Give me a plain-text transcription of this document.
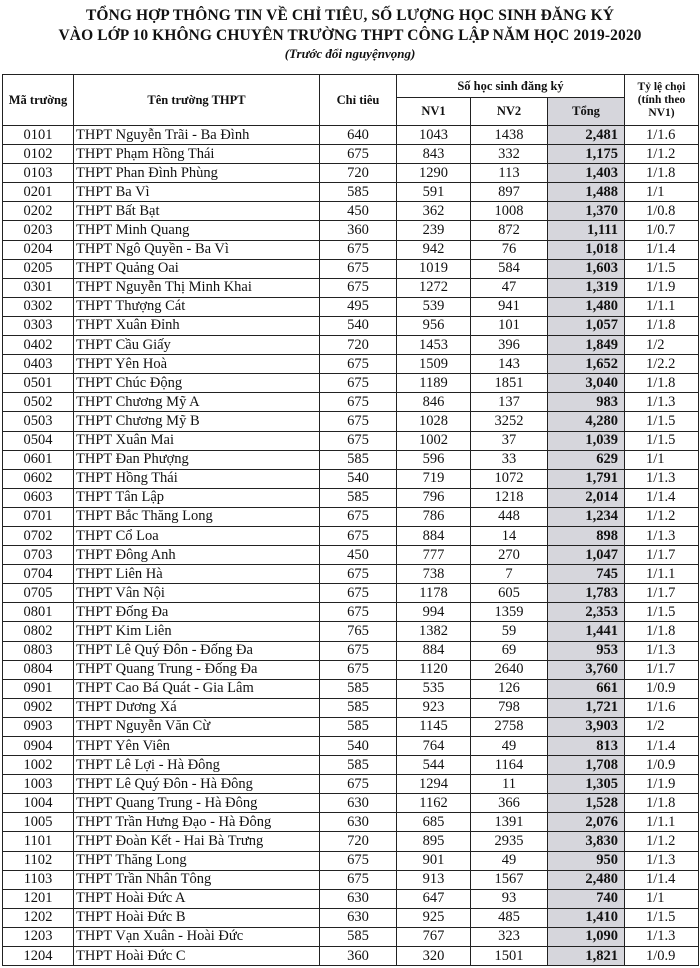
TỔNG HỢP THÔNG TIN VỀ CHỈ TIÊU, SỐ LƯỢNG HỌC SINH ĐĂNG KÝ
VÀO LỚP 10 KHÔNG CHUYÊN TRƯỜNG THPT CÔNG LẬP NĂM HỌC 2019-2020
(Trước đổi nguyệnvọng)
Mã trường	Tên trường THPT	Chỉ tiêu	Số học sinh đăng ký			Tỷ lệ chọi (tính theo NV1)
			NV1	NV2	Tổng	
0101	THPT Nguyễn Trãi - Ba Đình	640	1043	1438	2,481	1/1.6
0102	THPT Phạm Hồng Thái	675	843	332	1,175	1/1.2
0103	THPT Phan Đình Phùng	720	1290	113	1,403	1/1.8
0201	THPT Ba Vì	585	591	897	1,488	1/1
0202	THPT Bất Bạt	450	362	1008	1,370	1/0.8
0203	THPT Minh Quang	360	239	872	1,111	1/0.7
0204	THPT Ngô Quyền - Ba Vì	675	942	76	1,018	1/1.4
0205	THPT Quảng Oai	675	1019	584	1,603	1/1.5
0301	THPT Nguyễn Thị Minh Khai	675	1272	47	1,319	1/1.9
0302	THPT Thượng Cát	495	539	941	1,480	1/1.1
0303	THPT Xuân Đỉnh	540	956	101	1,057	1/1.8
0402	THPT Cầu Giấy	720	1453	396	1,849	1/2
0403	THPT Yên Hoà	675	1509	143	1,652	1/2.2
0501	THPT Chúc Động	675	1189	1851	3,040	1/1.8
0502	THPT Chương Mỹ A	675	846	137	983	1/1.3
0503	THPT Chương Mỹ B	675	1028	3252	4,280	1/1.5
0504	THPT Xuân Mai	675	1002	37	1,039	1/1.5
0601	THPT Đan Phượng	585	596	33	629	1/1
0602	THPT Hồng Thái	540	719	1072	1,791	1/1.3
0603	THPT Tân Lập	585	796	1218	2,014	1/1.4
0701	THPT Bắc Thăng Long	675	786	448	1,234	1/1.2
0702	THPT Cổ Loa	675	884	14	898	1/1.3
0703	THPT Đông Anh	450	777	270	1,047	1/1.7
0704	THPT Liên Hà	675	738	7	745	1/1.1
0705	THPT Vân Nội	675	1178	605	1,783	1/1.7
0801	THPT Đống Đa	675	994	1359	2,353	1/1.5
0802	THPT Kim Liên	765	1382	59	1,441	1/1.8
0803	THPT Lê Quý Đôn - Đống Đa	675	884	69	953	1/1.3
0804	THPT Quang Trung - Đống Đa	675	1120	2640	3,760	1/1.7
0901	THPT Cao Bá Quát - Gia Lâm	585	535	126	661	1/0.9
0902	THPT Dương Xá	585	923	798	1,721	1/1.6
0903	THPT Nguyễn Văn Cừ	585	1145	2758	3,903	1/2
0904	THPT Yên Viên	540	764	49	813	1/1.4
1002	THPT Lê Lợi - Hà Đông	585	544	1164	1,708	1/0.9
1003	THPT Lê Quý Đôn - Hà Đông	675	1294	11	1,305	1/1.9
1004	THPT Quang Trung - Hà Đông	630	1162	366	1,528	1/1.8
1005	THPT Trần Hưng Đạo - Hà Đông	630	685	1391	2,076	1/1.1
1101	THPT Đoàn Kết - Hai Bà Trưng	720	895	2935	3,830	1/1.2
1102	THPT Thăng Long	675	901	49	950	1/1.3
1103	THPT Trần Nhân Tông	675	913	1567	2,480	1/1.4
1201	THPT Hoài Đức A	630	647	93	740	1/1
1202	THPT Hoài Đức B	630	925	485	1,410	1/1.5
1203	THPT Vạn Xuân - Hoài Đức	585	767	323	1,090	1/1.3
1204	THPT Hoài Đức C	360	320	1501	1,821	1/0.9
